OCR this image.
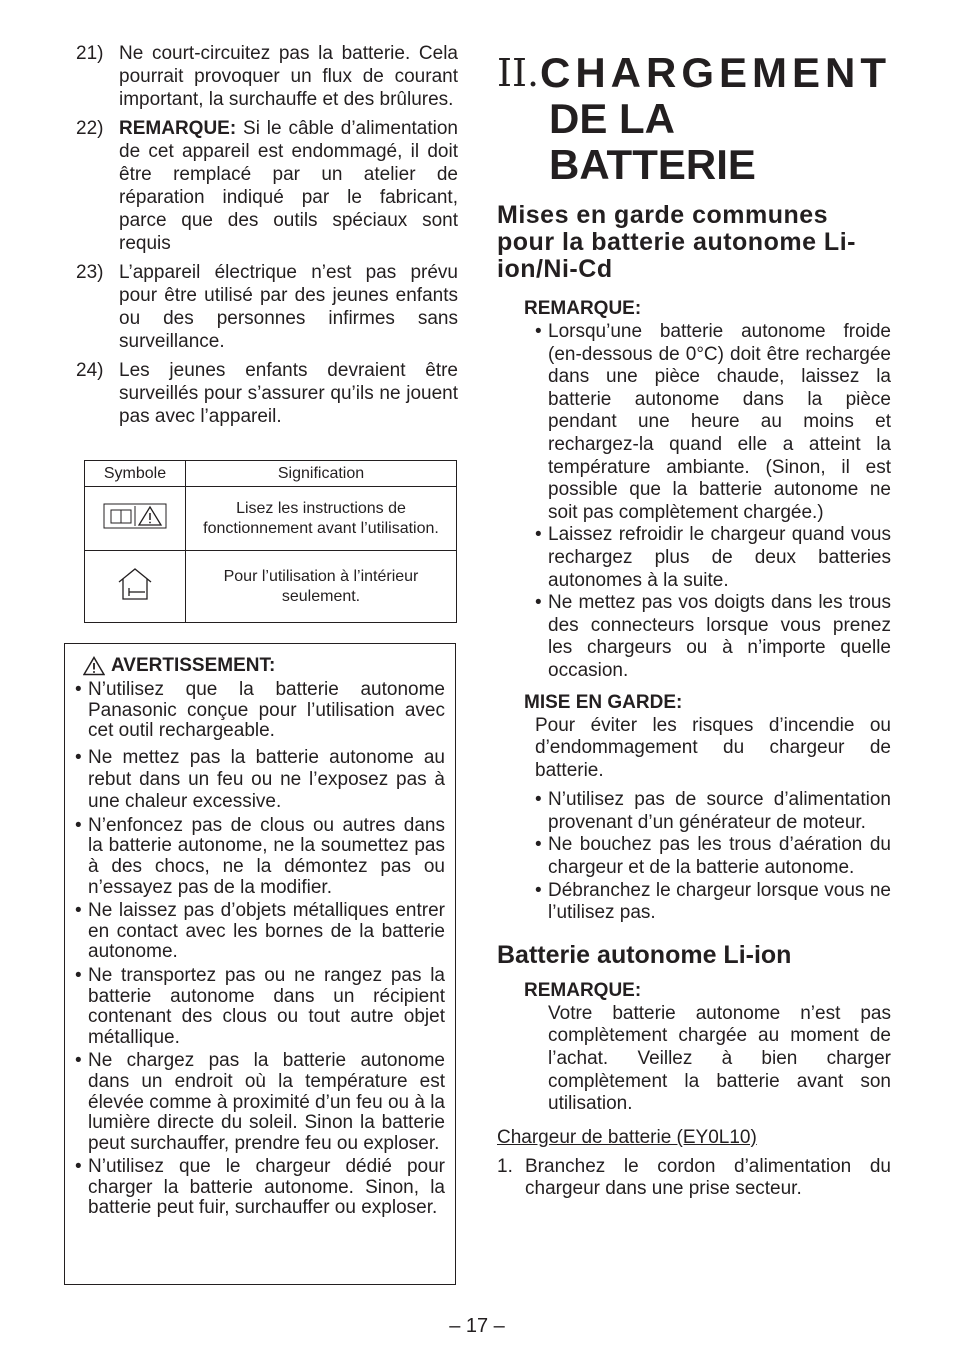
21) Ne court-circuitez pas la batterie. Cela pourrait provoquer un flux de courant important, la surchauffe et des brûlures.
22) REMARQUE: Si le câble d’alimentation de cet appareil est endommagé, il doit être remplacé par un atelier de réparation indiqué par le fabricant, parce que des outils spéciaux sont requis
23) L’appareil électrique n’est pas prévu pour être utilisé par des jeunes enfants ou des personnes infirmes sans surveillance.
24) Les jeunes enfants devraient être surveillés pour s’assurer qu’ils ne jouent pas avec l’appareil.
Symbole	Signification
	Lisez les instructions de fonctionnement avant l’utilisation.
	Pour l’utilisation à l’intérieur seulement.
AVERTISSEMENT:
• N’utilisez que la batterie autonome Panasonic conçue pour l’utilisation avec cet outil rechargeable.
• Ne mettez pas la batterie autonome au rebut dans un feu ou ne l’exposez pas à une chaleur excessive.
• N’enfoncez pas de clous ou autres dans la batterie autonome, ne la soumettez pas à des chocs, ne la démontez pas ou n’essayez pas de la modifier.
• Ne laissez pas d’objets métalliques entrer en contact avec les bornes de la batterie autonome.
• Ne transportez pas ou ne rangez pas la batterie autonome dans un récipient contenant des clous ou tout autre objet métallique.
• Ne chargez pas la batterie autonome dans un endroit où la température est élevée comme à proximité d’un feu ou à la lumière directe du soleil. Sinon la batterie peut surchauffer, prendre feu ou exploser.
• N’utilisez que le chargeur dédié pour charger la batterie autonome. Sinon, la batterie peut fuir, surchauffer ou exploser.
II. CHARGEMENT
DE LA BATTERIE
Mises en garde communes pour la batterie autonome Li-ion/Ni-Cd
REMARQUE:
• Lorsqu’une batterie autonome froide (en-dessous de 0°C) doit être rechargée dans une pièce chaude, laissez la batterie autonome dans la pièce pendant une heure au moins et rechargez-la quand elle a atteint la température ambiante. (Sinon, il est possible que la batterie autonome ne soit pas complètement chargée.)
• Laissez refroidir le chargeur quand vous rechargez plus de deux batteries autonomes à la suite.
• Ne mettez pas vos doigts dans les trous des connecteurs lorsque vous prenez les chargeurs ou à n’importe quelle occasion.
MISE EN GARDE:
Pour éviter les risques d’incendie ou d’endommagement du chargeur de batterie.
• N’utilisez pas de source d’alimentation provenant d’un générateur de moteur.
• Ne bouchez pas les trous d’aération du chargeur et de la batterie autonome.
• Débranchez le chargeur lorsque vous ne l’utilisez pas.
Batterie autonome Li-ion
REMARQUE:
Votre batterie autonome n’est pas complètement chargée au moment de l’achat. Veillez à bien charger complètement la batterie avant son utilisation.
Chargeur de batterie (EY0L10)
1. Branchez le cordon d’alimentation du chargeur dans une prise secteur.
– 17 –
